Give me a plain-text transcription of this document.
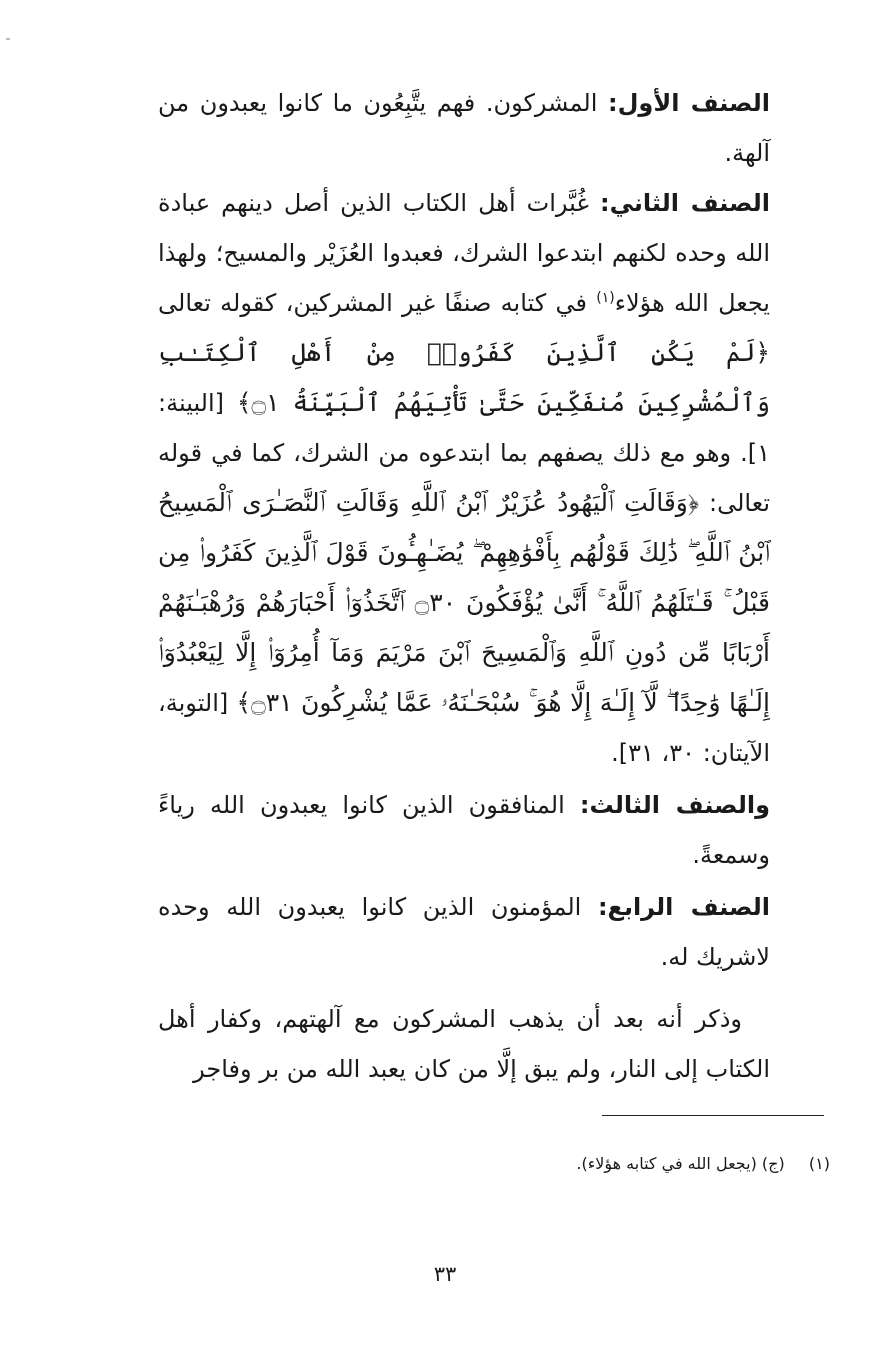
الصنف الأول: المشركون. فهم يتَّبِعُون ما كانوا يعبدون من آلهة.
الصنف الثاني: غُبَّرات أهل الكتاب الذين أصل دينهم عبادة الله وحده لكنهم ابتدعوا الشرك، فعبدوا العُزَيْر والمسيح؛ ولهذا يجعل الله هؤلاء$^{(١)}$ في كتابه صنفًا غير المشركين، كقوله تعالى ﴿لَمْ يَكُنِ ٱلَّذِينَ كَفَرُوا۟ مِنْ أَهْلِ ٱلْكِتَـٰبِ وَٱلْمُشْرِكِينَ مُنفَكِّينَ حَتَّىٰ تَأْتِيَهُمُ ٱلْبَيِّنَةُ ۝١﴾ [البينة: ١]. وهو مع ذلك يصفهم بما ابتدعوه من الشرك، كما في قوله تعالى: ﴿وَقَالَتِ ٱلْيَهُودُ عُزَيْرٌ ٱبْنُ ٱللَّهِ وَقَالَتِ ٱلنَّصَـٰرَى ٱلْمَسِيحُ ٱبْنُ ٱللَّهِ ۖ ذَٰلِكَ قَوْلُهُم بِأَفْوَٰهِهِمْ ۖ يُضَـٰهِـُٔونَ قَوْلَ ٱلَّذِينَ كَفَرُوا۟ مِن قَبْلُ ۚ قَـٰتَلَهُمُ ٱللَّهُ ۚ أَنَّىٰ يُؤْفَكُونَ ۝٣٠ ٱتَّخَذُوٓا۟ أَحْبَارَهُمْ وَرُهْبَـٰنَهُمْ أَرْبَابًا مِّن دُونِ ٱللَّهِ وَٱلْمَسِيحَ ٱبْنَ مَرْيَمَ وَمَآ أُمِرُوٓا۟ إِلَّا لِيَعْبُدُوٓا۟ إِلَـٰهًا وَٰحِدًا ۖ لَّآ إِلَـٰهَ إِلَّا هُوَ ۚ سُبْحَـٰنَهُۥ عَمَّا يُشْرِكُونَ ۝٣١﴾ [التوبة، الآيتان: ٣٠، ٣١].
والصنف الثالث: المنافقون الذين كانوا يعبدون الله رياءً وسمعةً.
الصنف الرابع: المؤمنون الذين كانوا يعبدون الله وحده لاشريك له.
وذكر أنه بعد أن يذهب المشركون مع آلهتهم، وكفار أهل الكتاب إلى النار، ولم يبق إلَّا من كان يعبد الله من بر وفاجر
(١)  (ج) (يجعل الله في كتابه هؤلاء).
٣٣
